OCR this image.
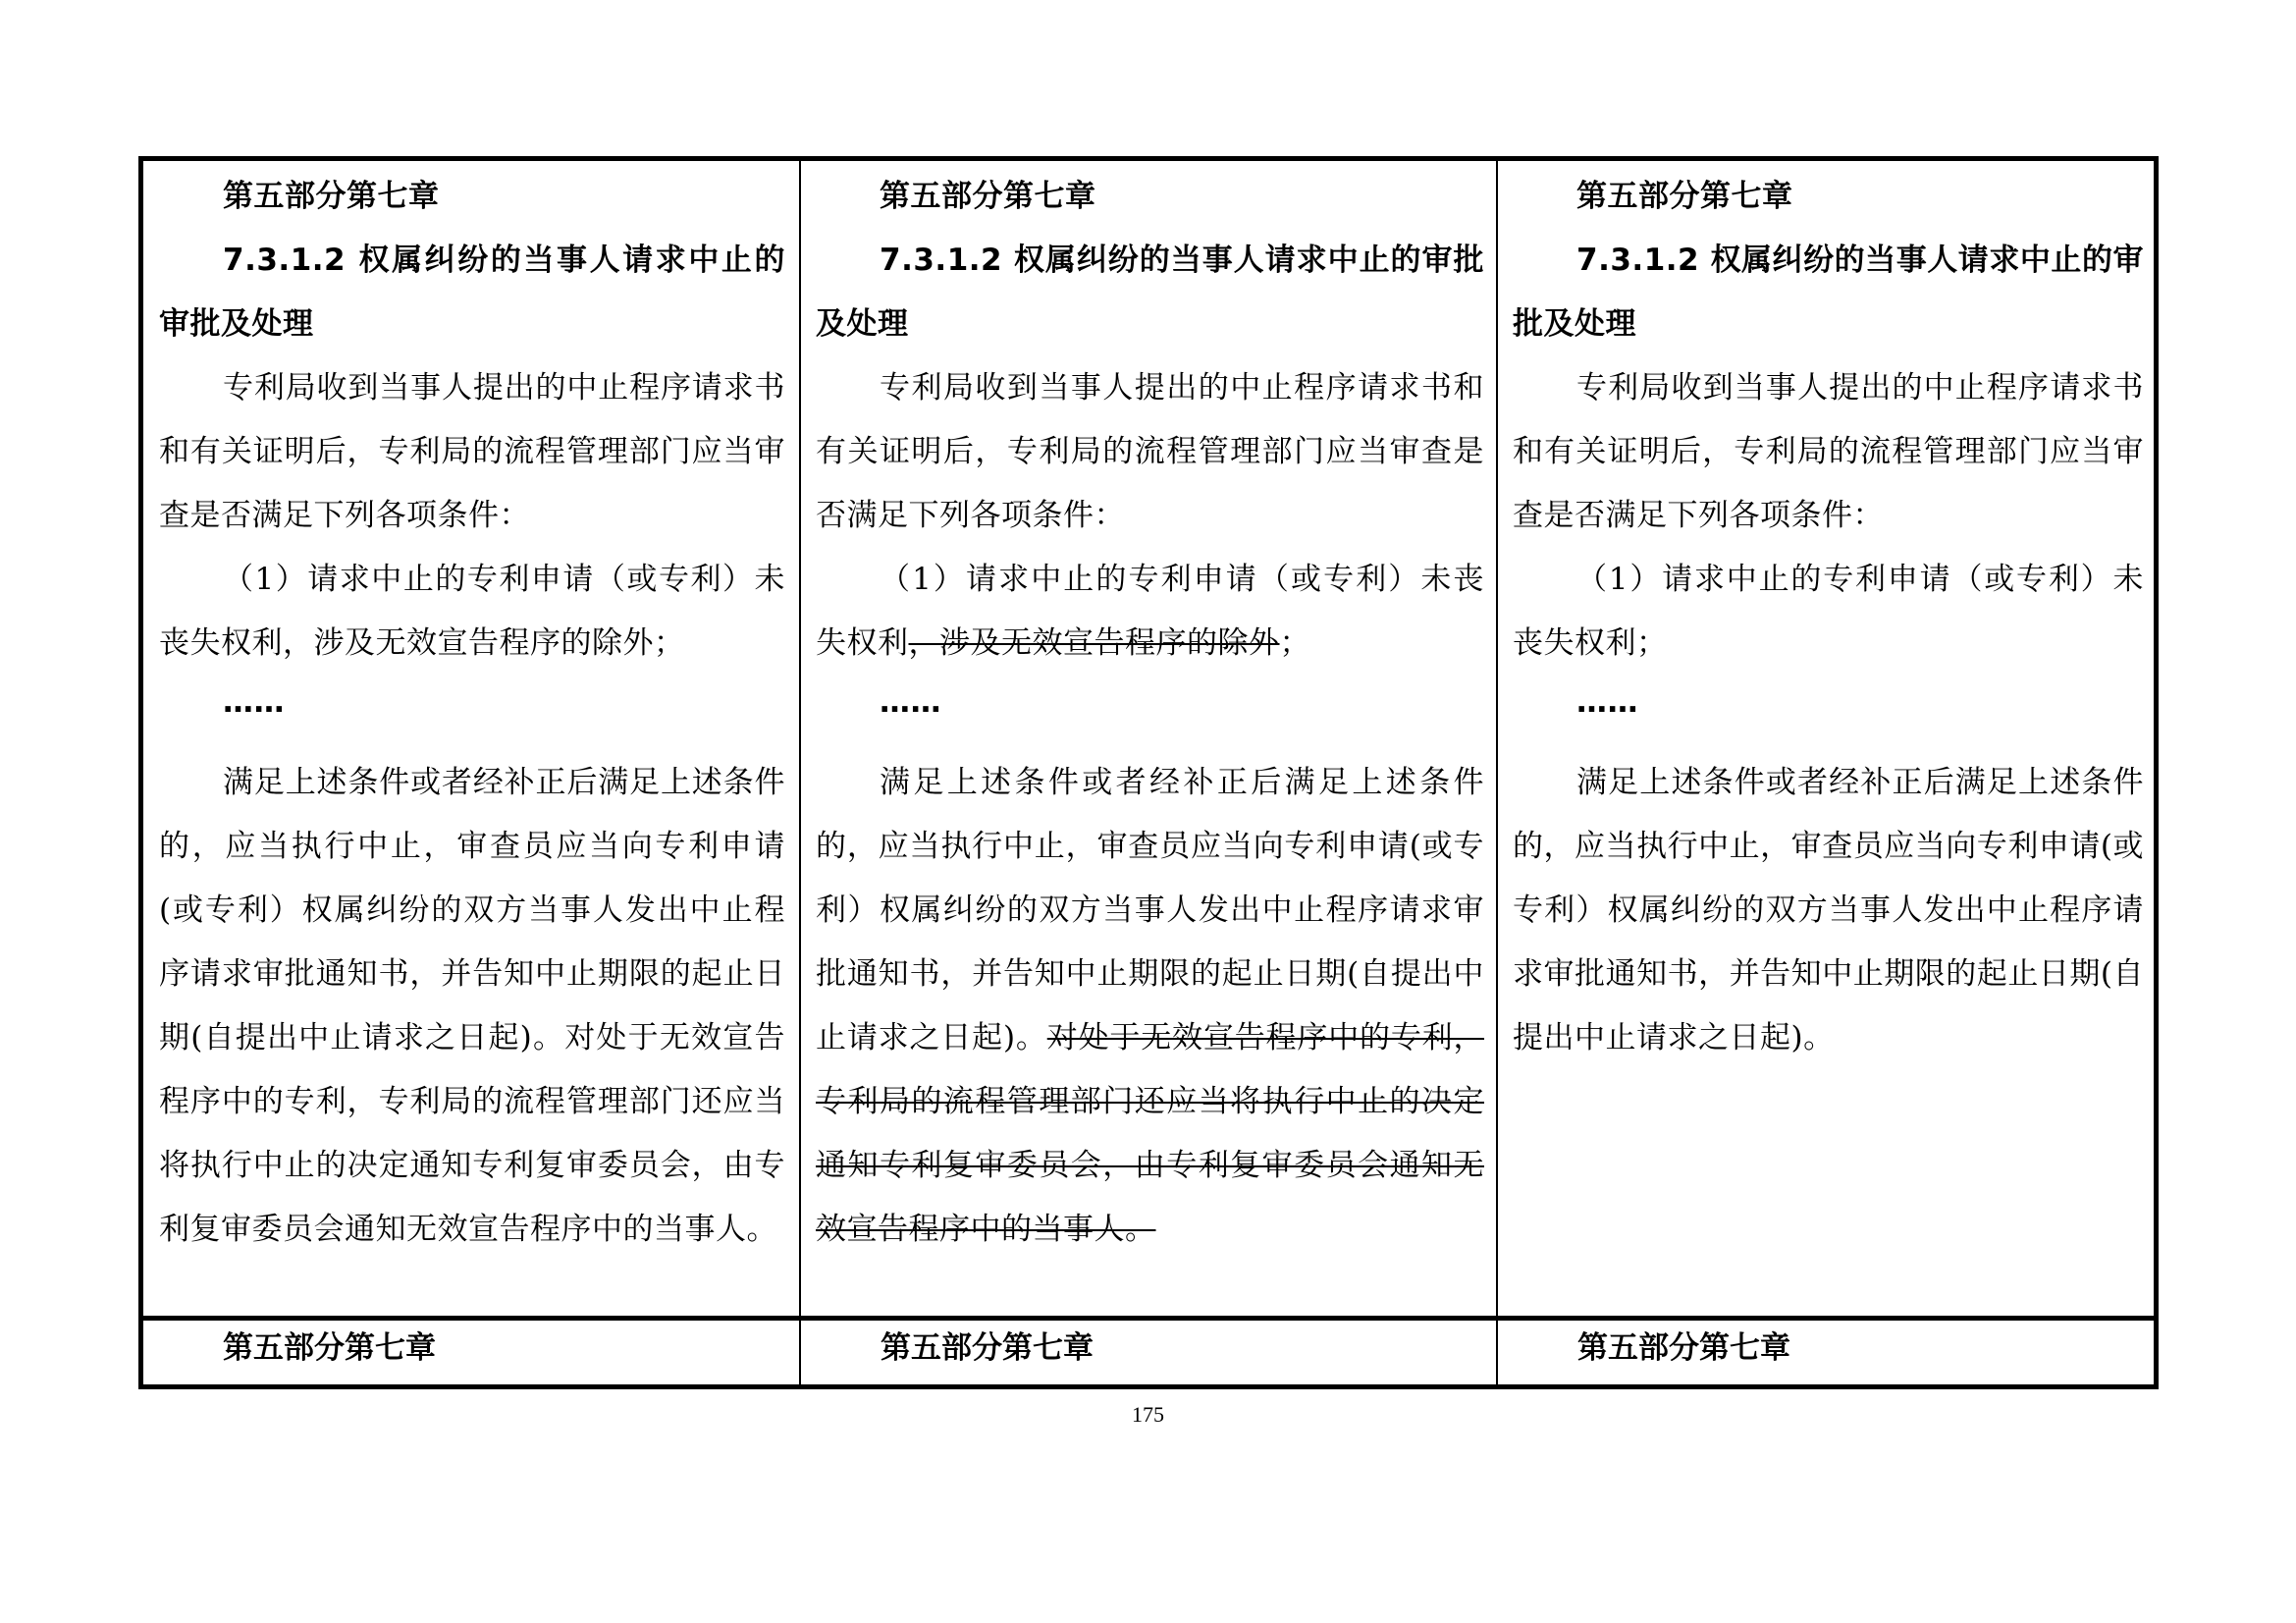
第五部分第七章

7.3.1.2 权属纠纷的当事人请求中止的审批及处理

专利局收到当事人提出的中止程序请求书和有关证明后，专利局的流程管理部门应当审查是否满足下列各项条件：

（1）请求中止的专利申请（或专利）未丧失权利，涉及无效宣告程序的除外；

……

满足上述条件或者经补正后满足上述条件的，应当执行中止，审查员应当向专利申请(或专利）权属纠纷的双方当事人发出中止程序请求审批通知书，并告知中止期限的起止日期(自提出中止请求之日起)。对处于无效宣告程序中的专利，专利局的流程管理部门还应当将执行中止的决定通知专利复审委员会，由专利复审委员会通知无效宣告程序中的当事人。

第五部分第七章

第五部分第七章

7.3.1.2 权属纠纷的当事人请求中止的审批及处理

专利局收到当事人提出的中止程序请求书和有关证明后，专利局的流程管理部门应当审查是否满足下列各项条件：

（1）请求中止的专利申请（或专利）未丧失权利，涉及无效宣告程序的除外；

……

满足上述条件或者经补正后满足上述条件的，应当执行中止，审查员应当向专利申请(或专利）权属纠纷的双方当事人发出中止程序请求审批通知书，并告知中止期限的起止日期(自提出中止请求之日起)。对处于无效宣告程序中的专利，专利局的流程管理部门还应当将执行中止的决定通知专利复审委员会，由专利复审委员会通知无效宣告程序中的当事人。

第五部分第七章

第五部分第七章

7.3.1.2 权属纠纷的当事人请求中止的审批及处理

专利局收到当事人提出的中止程序请求书和有关证明后，专利局的流程管理部门应当审查是否满足下列各项条件：

（1）请求中止的专利申请（或专利）未丧失权利；

……

满足上述条件或者经补正后满足上述条件的，应当执行中止，审查员应当向专利申请(或专利）权属纠纷的双方当事人发出中止程序请求审批通知书，并告知中止期限的起止日期(自提出中止请求之日起)。

第五部分第七章
175
